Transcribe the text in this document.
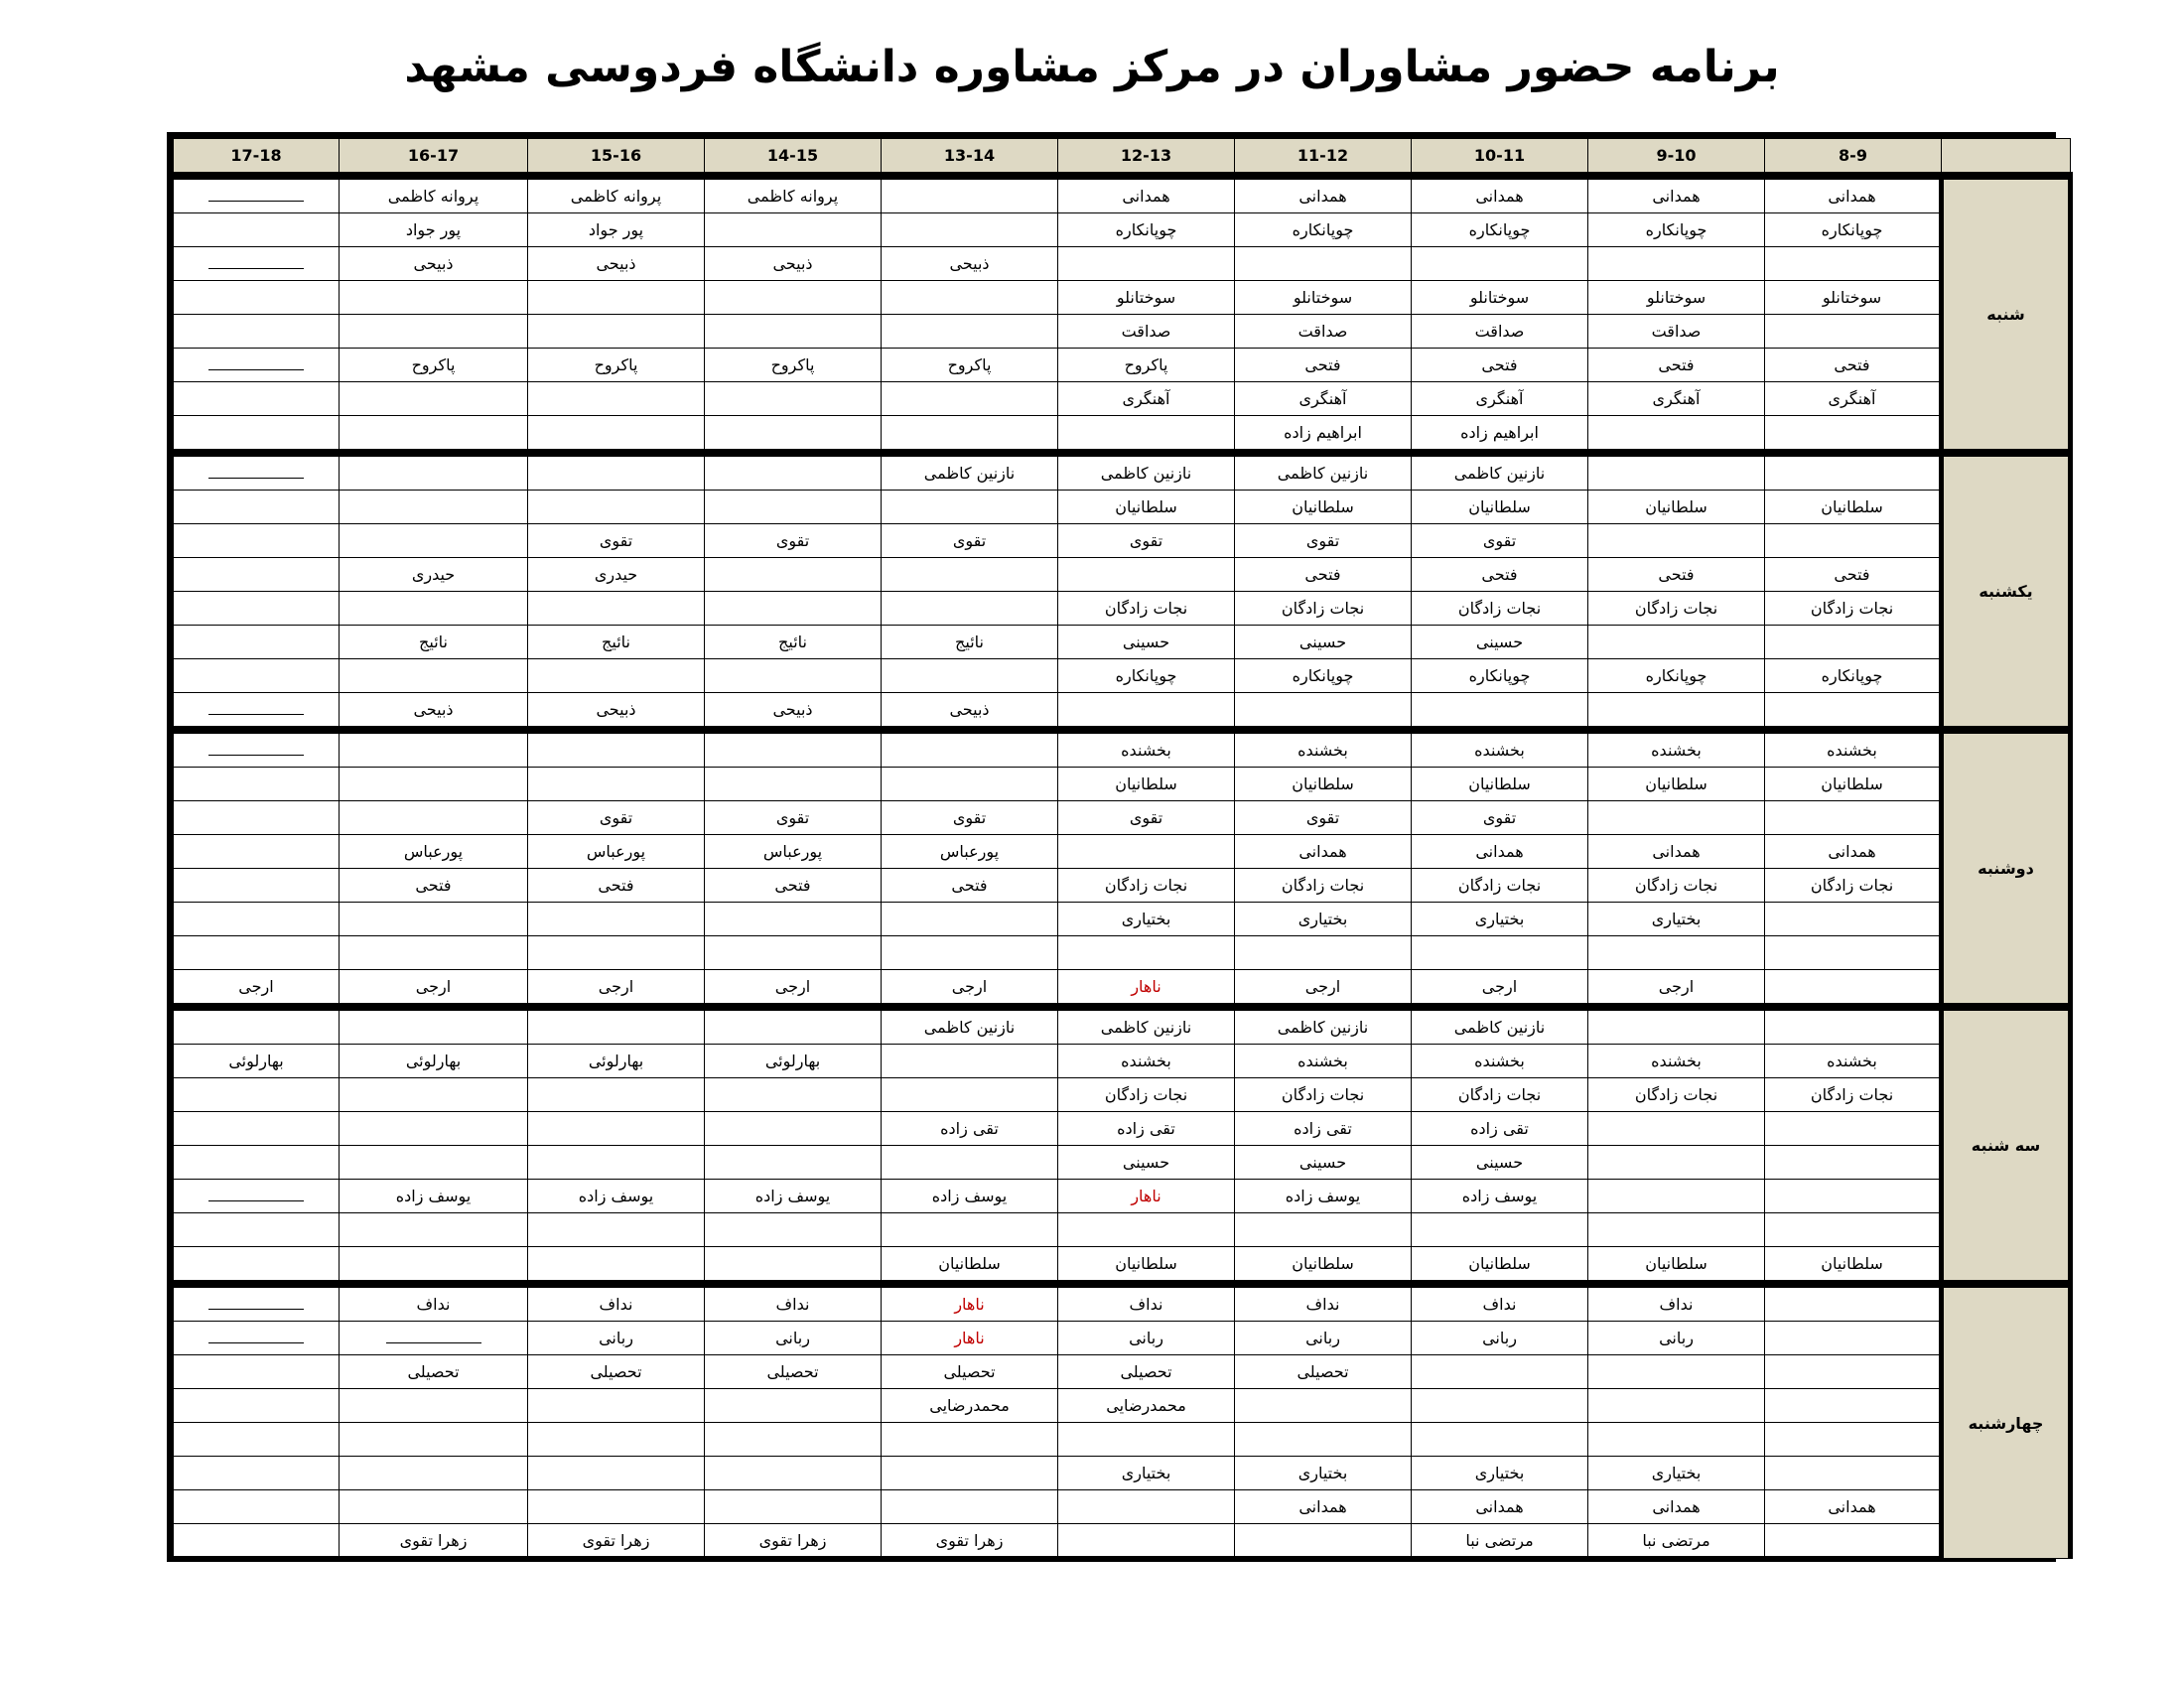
برنامه حضور مشاوران در مرکز مشاوره دانشگاه فردوسی مشهد
	8-9	9-10	10-11	11-12	12-13	13-14	14-15	15-16	16-17	17-18
شنبه	همدانی	همدانی	همدانی	همدانی	همدانی		پروانه کاظمی	پروانه کاظمی	پروانه کاظمی	
	چوپانکاره	چوپانکاره	چوپانکاره	چوپانکاره	چوپانکاره			پور جواد	پور جواد	
						ذبیحی	ذبیحی	ذبیحی	ذبیحی	
	سوختانلو	سوختانلو	سوختانلو	سوختانلو	سوختانلو					
		صداقت	صداقت	صداقت	صداقت					
	فتحی	فتحی	فتحی	فتحی	پاکروح	پاکروح	پاکروح	پاکروح	پاکروح	
	آهنگری	آهنگری	آهنگری	آهنگری	آهنگری					
			ابراهیم زاده	ابراهیم زاده						
یکشنبه			نازنین کاظمی	نازنین کاظمی	نازنین کاظمی	نازنین کاظمی				
	سلطانیان	سلطانیان	سلطانیان	سلطانیان	سلطانیان					
			تقوی	تقوی	تقوی	تقوی	تقوی	تقوی		
	فتحی	فتحی	فتحی	فتحی				حیدری	حیدری	
	نجات زادگان	نجات زادگان	نجات زادگان	نجات زادگان	نجات زادگان					
			حسینی	حسینی	حسینی	نائیج	نائیج	نائیج	نائیج	
	چوپانکاره	چوپانکاره	چوپانکاره	چوپانکاره	چوپانکاره					
						ذبیحی	ذبیحی	ذبیحی	ذبیحی	
دوشنبه	بخشنده	بخشنده	بخشنده	بخشنده	بخشنده					
	سلطانیان	سلطانیان	سلطانیان	سلطانیان	سلطانیان					
			تقوی	تقوی	تقوی	تقوی	تقوی	تقوی		
	همدانی	همدانی	همدانی	همدانی		پورعباس	پورعباس	پورعباس	پورعباس	
	نجات زادگان	نجات زادگان	نجات زادگان	نجات زادگان	نجات زادگان	فتحی	فتحی	فتحی	فتحی	
		بختیاری	بختیاری	بختیاری	بختیاری					

		ارجی	ارجی	ارجی	ناهار	ارجی	ارجی	ارجی	ارجی	ارجی
سه شنبه			نازنین کاظمی	نازنین کاظمی	نازنین کاظمی	نازنین کاظمی				
	بخشنده	بخشنده	بخشنده	بخشنده	بخشنده		بهارلوئی	بهارلوئی	بهارلوئی	بهارلوئی
	نجات زادگان	نجات زادگان	نجات زادگان	نجات زادگان	نجات زادگان					
			تقی زاده	تقی زاده	تقی زاده	تقی زاده				
			حسینی	حسینی	حسینی					
			یوسف زاده	یوسف زاده	ناهار	یوسف زاده	یوسف زاده	یوسف زاده	یوسف زاده	

	سلطانیان	سلطانیان	سلطانیان	سلطانیان	سلطانیان	سلطانیان				
چهارشنبه		نداف	نداف	نداف	نداف	ناهار	نداف	نداف	نداف	
		ربانی	ربانی	ربانی	ربانی	ناهار	ربانی	ربانی		
				تحصیلی	تحصیلی	تحصیلی	تحصیلی	تحصیلی	تحصیلی	
					محمدرضایی	محمدرضایی				

		بختیاری	بختیاری	بختیاری	بختیاری					
	همدانی	همدانی	همدانی	همدانی						
		مرتضی نبا	مرتضی نبا			زهرا تقوی	زهرا تقوی	زهرا تقوی	زهرا تقوی	
